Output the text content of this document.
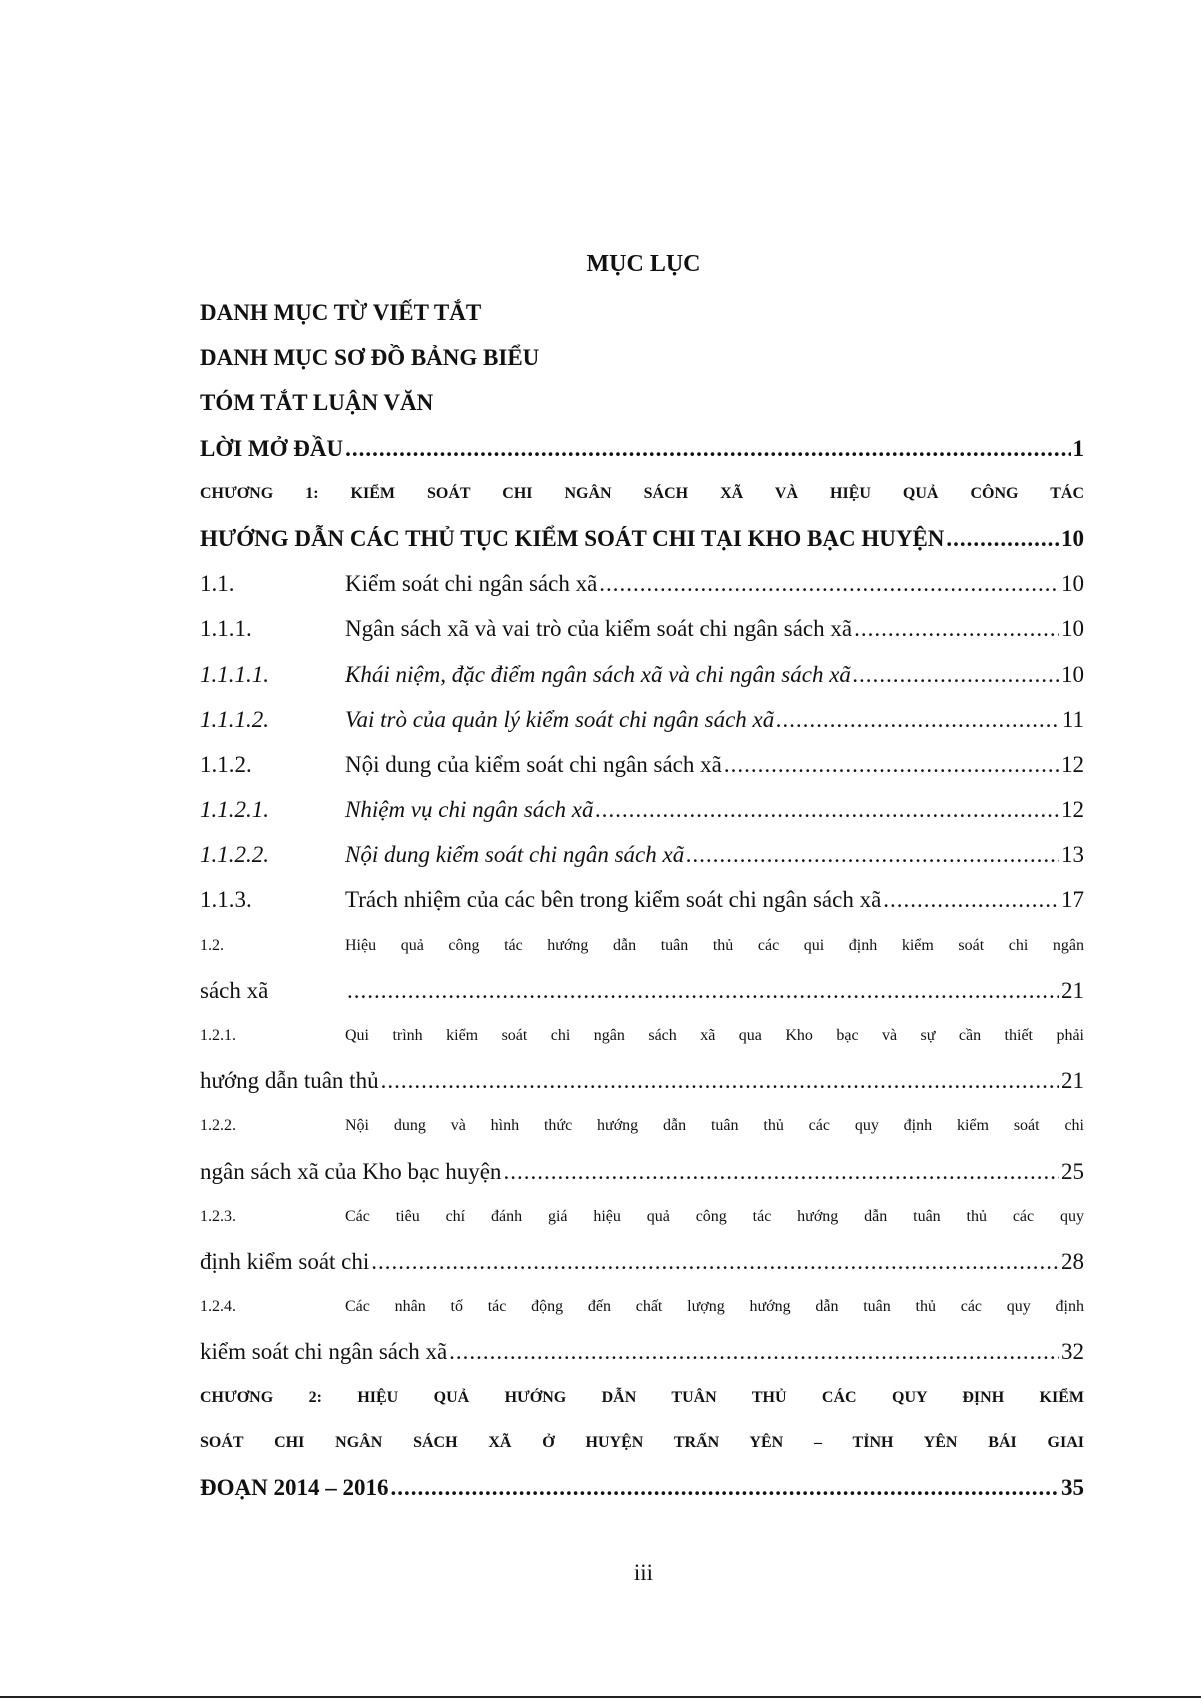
MỤC LỤC
DANH MỤC TỪ VIẾT TẮT
DANH MỤC SƠ ĐỒ BẢNG BIỂU
TÓM TẮT LUẬN VĂN
LỜI MỞ ĐẦU .....	1
CHƯƠNG 1: KIỂM SOÁT CHI NGÂN SÁCH XÃ VÀ HIỆU QUẢ CÔNG TÁC
HƯỚNG DẪN CÁC THỦ TỤC KIỂM SOÁT CHI TẠI KHO BẠC HUYỆN .....	10
1.1.	Kiểm soát chi ngân sách xã .....	10
1.1.1.	Ngân sách xã và vai trò của kiểm soát chi ngân sách xã .....	10
1.1.1.1.	Khái niệm, đặc điểm ngân sách xã và chi ngân sách xã .....	10
1.1.1.2.	Vai trò của quản lý kiểm soát chi ngân sách xã .....	11
1.1.2.	Nội dung của kiểm soát chi ngân sách xã .....	12
1.1.2.1.	Nhiệm vụ chi ngân sách xã .....	12
1.1.2.2.	Nội dung kiểm soát chi ngân sách xã .....	13
1.1.3.	Trách nhiệm của các bên trong kiểm soát chi ngân sách xã .....	17
1.2.	Hiệu quả công tác hướng dẫn tuân thủ các qui định kiểm soát chi ngân
sách xã .....	21
1.2.1.	Qui trình kiểm soát chi ngân sách xã qua Kho bạc và sự cần thiết phải
hướng dẫn tuân thủ .....	21
1.2.2.	Nội dung và hình thức hướng dẫn tuân thủ các quy định kiểm soát chi
ngân sách xã của Kho bạc huyện .....	25
1.2.3.	Các tiêu chí đánh giá hiệu quả công tác hướng dẫn tuân thủ các quy
định kiểm soát chi .....	28
1.2.4.	Các nhân tố tác động đến chất lượng hướng dẫn tuân thủ các quy định
kiểm soát chi ngân sách xã .....	32
CHƯƠNG 2: HIỆU QUẢ HƯỚNG DẪN TUÂN THỦ CÁC QUY ĐỊNH KIỂM
SOÁT CHI NGÂN SÁCH XÃ Ở HUYỆN TRẤN YÊN – TỈNH YÊN BÁI GIAI
ĐOẠN 2014 – 2016 .....	35
iii
